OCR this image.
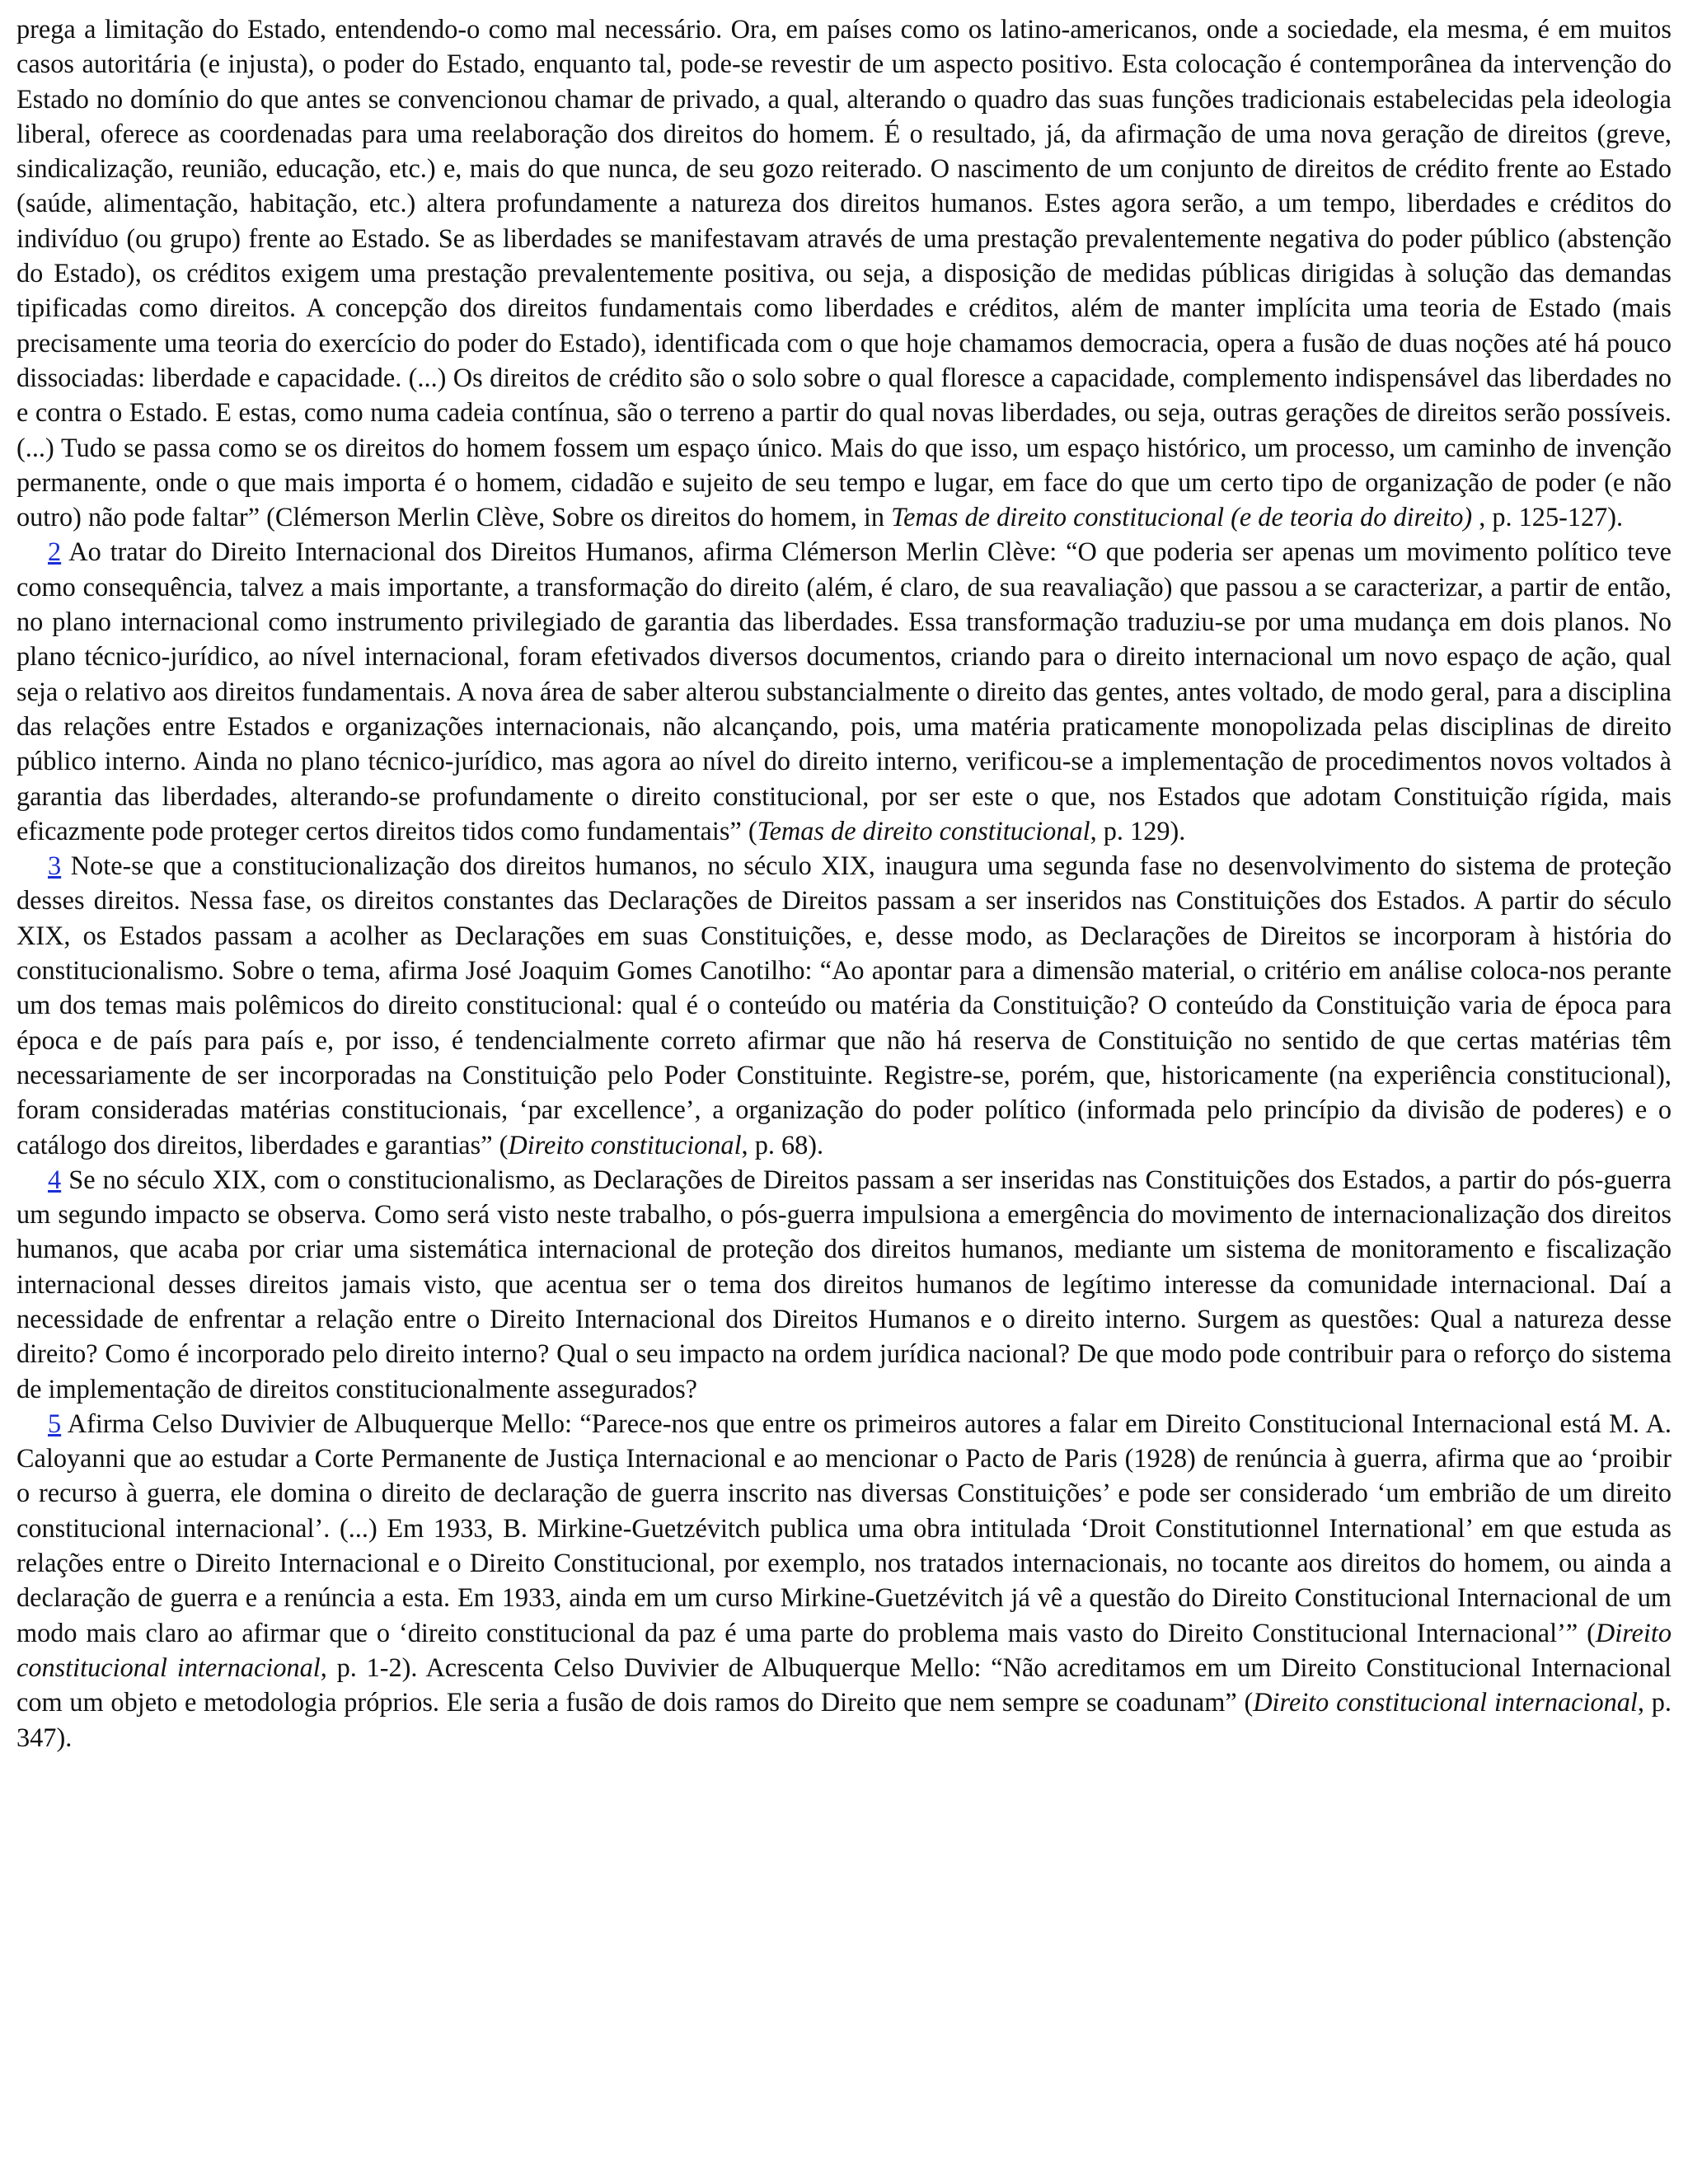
prega a limitação do Estado, entendendo-o como mal necessário. Ora, em países como os latino-americanos, onde a sociedade, ela mesma, é em muitos casos autoritária (e injusta), o poder do Estado, enquanto tal, pode-se revestir de um aspecto positivo. Esta colocação é contemporânea da intervenção do Estado no domínio do que antes se convencionou chamar de privado, a qual, alterando o quadro das suas funções tradicionais estabelecidas pela ideologia liberal, oferece as coordenadas para uma reelaboração dos direitos do homem. É o resultado, já, da afirmação de uma nova geração de direitos (greve, sindicalização, reunião, educação, etc.) e, mais do que nunca, de seu gozo reiterado. O nascimento de um conjunto de direitos de crédito frente ao Estado (saúde, alimentação, habitação, etc.) altera profundamente a natureza dos direitos humanos. Estes agora serão, a um tempo, liberdades e créditos do indivíduo (ou grupo) frente ao Estado. Se as liberdades se manifestavam através de uma prestação prevalentemente negativa do poder público (abstenção do Estado), os créditos exigem uma prestação prevalentemente positiva, ou seja, a disposição de medidas públicas dirigidas à solução das demandas tipificadas como direitos. A concepção dos direitos fundamentais como liberdades e créditos, além de manter implícita uma teoria de Estado (mais precisamente uma teoria do exercício do poder do Estado), identificada com o que hoje chamamos democracia, opera a fusão de duas noções até há pouco dissociadas: liberdade e capacidade. (...) Os direitos de crédito são o solo sobre o qual floresce a capacidade, complemento indispensável das liberdades no e contra o Estado. E estas, como numa cadeia contínua, são o terreno a partir do qual novas liberdades, ou seja, outras gerações de direitos serão possíveis. (...) Tudo se passa como se os direitos do homem fossem um espaço único. Mais do que isso, um espaço histórico, um processo, um caminho de invenção permanente, onde o que mais importa é o homem, cidadão e sujeito de seu tempo e lugar, em face do que um certo tipo de organização de poder (e não outro) não pode faltar” (Clémerson Merlin Clève, Sobre os direitos do homem, in Temas de direito constitucional (e de teoria do direito) , p. 125-127).

2 Ao tratar do Direito Internacional dos Direitos Humanos, afirma Clémerson Merlin Clève: “O que poderia ser apenas um movimento político teve como consequência, talvez a mais importante, a transformação do direito (além, é claro, de sua reavaliação) que passou a se caracterizar, a partir de então, no plano internacional como instrumento privilegiado de garantia das liberdades. Essa transformação traduziu-se por uma mudança em dois planos. No plano técnico-jurídico, ao nível internacional, foram efetivados diversos documentos, criando para o direito internacional um novo espaço de ação, qual seja o relativo aos direitos fundamentais. A nova área de saber alterou substancialmente o direito das gentes, antes voltado, de modo geral, para a disciplina das relações entre Estados e organizações internacionais, não alcançando, pois, uma matéria praticamente monopolizada pelas disciplinas de direito público interno. Ainda no plano técnico-jurídico, mas agora ao nível do direito interno, verificou-se a implementação de procedimentos novos voltados à garantia das liberdades, alterando-se profundamente o direito constitucional, por ser este o que, nos Estados que adotam Constituição rígida, mais eficazmente pode proteger certos direitos tidos como fundamentais” (Temas de direito constitucional, p. 129).

3 Note-se que a constitucionalização dos direitos humanos, no século XIX, inaugura uma segunda fase no desenvolvimento do sistema de proteção desses direitos. Nessa fase, os direitos constantes das Declarações de Direitos passam a ser inseridos nas Constituições dos Estados. A partir do século XIX, os Estados passam a acolher as Declarações em suas Constituições, e, desse modo, as Declarações de Direitos se incorporam à história do constitucionalismo. Sobre o tema, afirma José Joaquim Gomes Canotilho: “Ao apontar para a dimensão material, o critério em análise coloca-nos perante um dos temas mais polêmicos do direito constitucional: qual é o conteúdo ou matéria da Constituição? O conteúdo da Constituição varia de época para época e de país para país e, por isso, é tendencialmente correto afirmar que não há reserva de Constituição no sentido de que certas matérias têm necessariamente de ser incorporadas na Constituição pelo Poder Constituinte. Registre-se, porém, que, historicamente (na experiência constitucional), foram consideradas matérias constitucionais, ‘par excellence’, a organização do poder político (informada pelo princípio da divisão de poderes) e o catálogo dos direitos, liberdades e garantias” (Direito constitucional, p. 68).

4 Se no século XIX, com o constitucionalismo, as Declarações de Direitos passam a ser inseridas nas Constituições dos Estados, a partir do pós-guerra um segundo impacto se observa. Como será visto neste trabalho, o pós-guerra impulsiona a emergência do movimento de internacionalização dos direitos humanos, que acaba por criar uma sistemática internacional de proteção dos direitos humanos, mediante um sistema de monitoramento e fiscalização internacional desses direitos jamais visto, que acentua ser o tema dos direitos humanos de legítimo interesse da comunidade internacional. Daí a necessidade de enfrentar a relação entre o Direito Internacional dos Direitos Humanos e o direito interno. Surgem as questões: Qual a natureza desse direito? Como é incorporado pelo direito interno? Qual o seu impacto na ordem jurídica nacional? De que modo pode contribuir para o reforço do sistema de implementação de direitos constitucionalmente assegurados?

5 Afirma Celso Duvivier de Albuquerque Mello: “Parece-nos que entre os primeiros autores a falar em Direito Constitucional Internacional está M. A. Caloyanni que ao estudar a Corte Permanente de Justiça Internacional e ao mencionar o Pacto de Paris (1928) de renúncia à guerra, afirma que ao ‘proibir o recurso à guerra, ele domina o direito de declaração de guerra inscrito nas diversas Constituições’ e pode ser considerado ‘um embrião de um direito constitucional internacional’. (...) Em 1933, B. Mirkine-Guetzévitch publica uma obra intitulada ‘Droit Constitutionnel International’ em que estuda as relações entre o Direito Internacional e o Direito Constitucional, por exemplo, nos tratados internacionais, no tocante aos direitos do homem, ou ainda a declaração de guerra e a renúncia a esta. Em 1933, ainda em um curso Mirkine-Guetzévitch já vê a questão do Direito Constitucional Internacional de um modo mais claro ao afirmar que o ‘direito constitucional da paz é uma parte do problema mais vasto do Direito Constitucional Internacional’” (Direito constitucional internacional, p. 1-2). Acrescenta Celso Duvivier de Albuquerque Mello: “Não acreditamos em um Direito Constitucional Internacional com um objeto e metodologia próprios. Ele seria a fusão de dois ramos do Direito que nem sempre se coadunam” (Direito constitucional internacional, p. 347).
